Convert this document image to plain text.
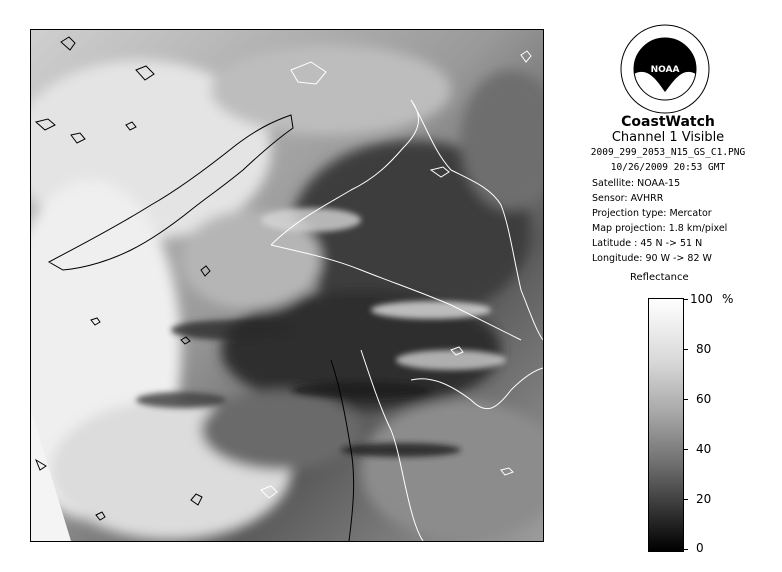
NOAA
CoastWatch
Channel 1 Visible
2009_299_2053_N15_GS_C1.PNG
10/26/2009 20:53 GMT
Satellite: NOAA-15
Sensor: AVHRR
Projection type: Mercator
Map projection: 1.8 km/pixel
Latitude : 45 N -> 51 N
Longitude: 90 W -> 82 W
Reflectance
%
100
80
60
40
20
0
